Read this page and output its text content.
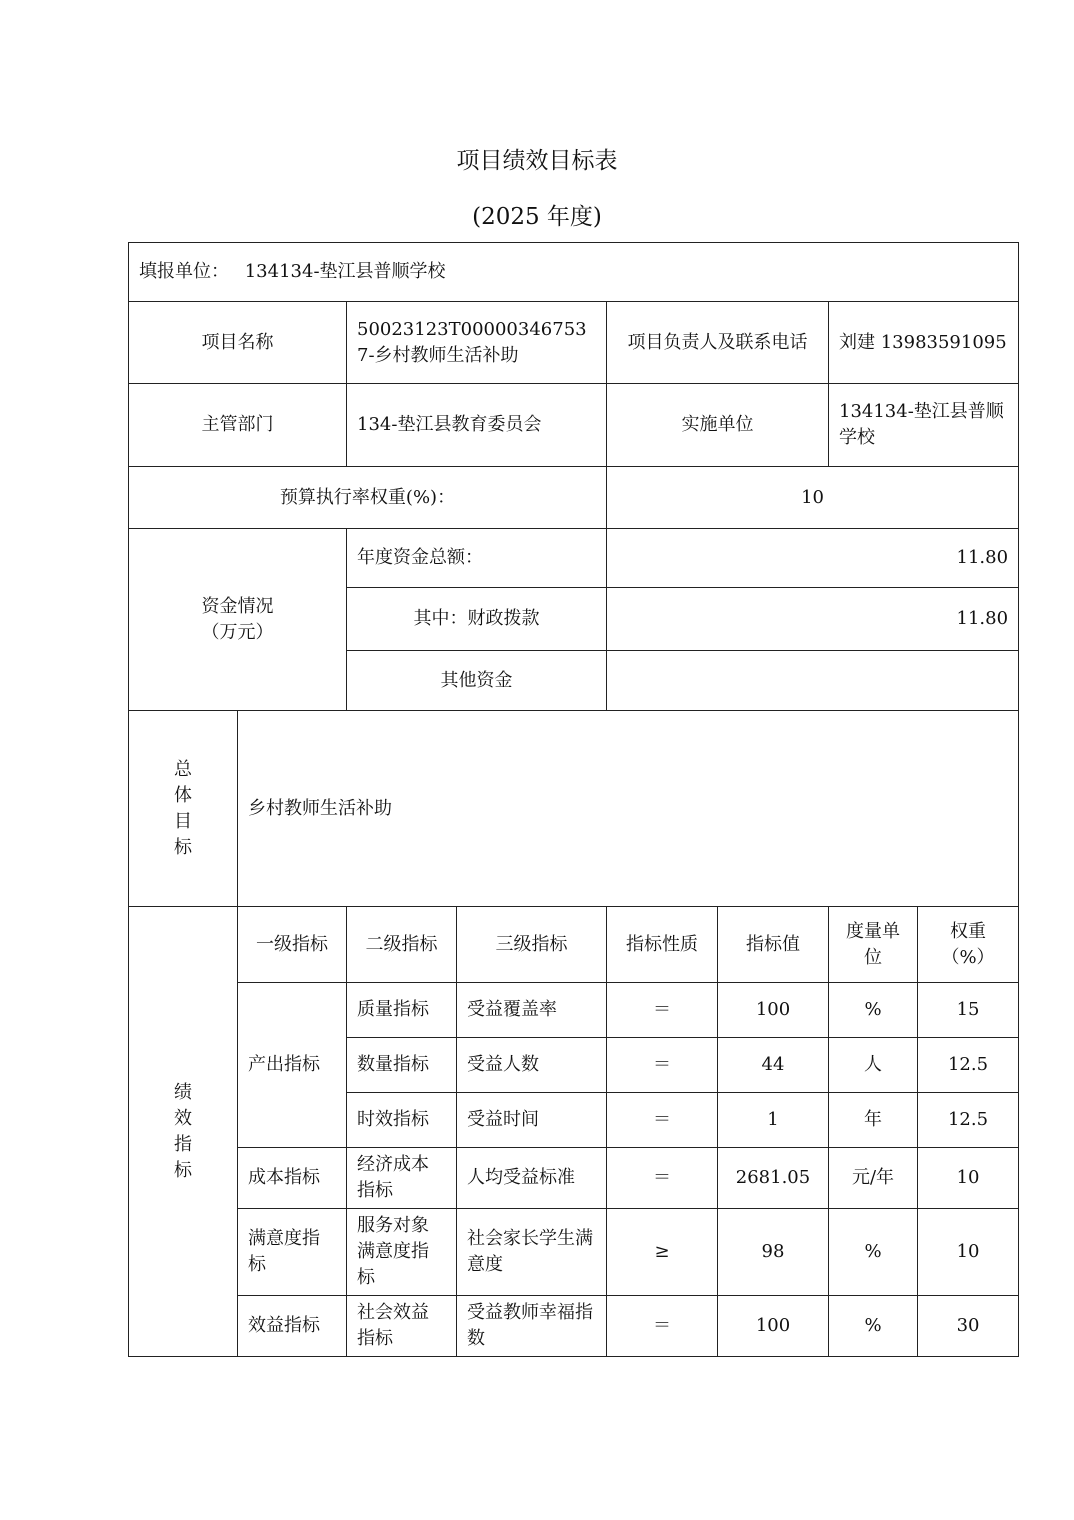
项目绩效目标表
(2025 年度)
填报单位： 134134-垫江县普顺学校							
项目名称		50023123T000003467537-乡村教师生活补助		项目负责人及联系电话		刘建 13983591095	
主管部门		134-垫江县教育委员会		实施单位		134134-垫江县普顺学校	
预算执行率权重(%)：				10			
资金情况
（万元）		年度资金总额：		11.80			
		其中：财政拨款		11.80			
		其他资金					
总
体
目
标	乡村教师生活补助						
绩
效
指
标	一级指标	二级指标	三级指标	指标性质	指标值	度量单位	权重（%）
	产出指标	质量指标	受益覆盖率	＝	100	%	15
		数量指标	受益人数	＝	44	人	12.5
		时效指标	受益时间	＝	1	年	12.5
	成本指标	经济成本指标	人均受益标准	＝	2681.05	元/年	10
	满意度指标	服务对象满意度指标	社会家长学生满意度	≥	98	%	10
	效益指标	社会效益指标	受益教师幸福指数	＝	100	%	30
